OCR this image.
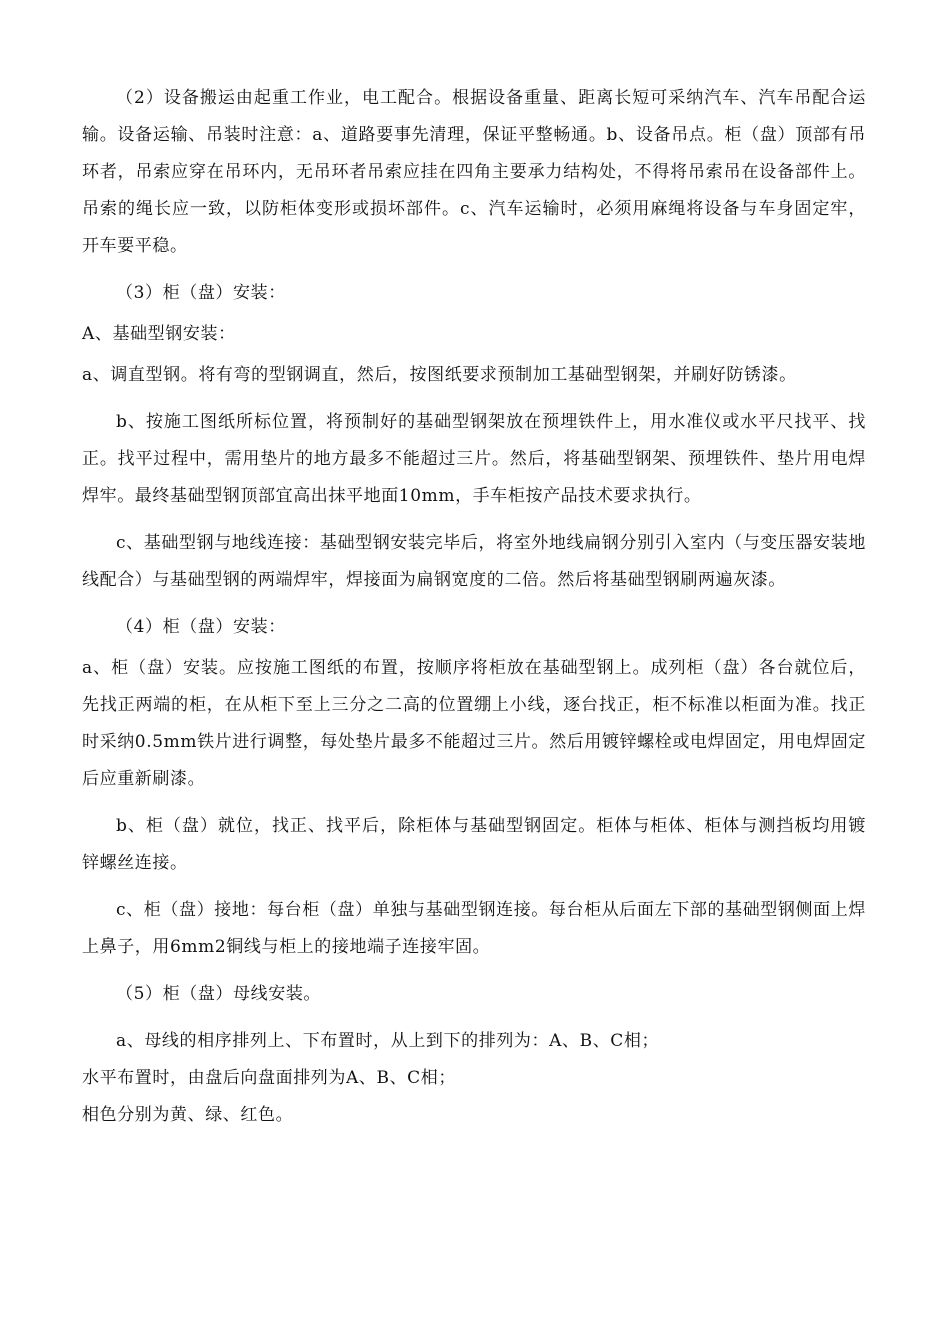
（2）设备搬运由起重工作业，电工配合。根据设备重量、距离长短可采纳汽车、汽车吊配合运输。设备运输、吊装时注意：a、道路要事先清理，保证平整畅通。b、设备吊点。柜（盘）顶部有吊环者，吊索应穿在吊环内，无吊环者吊索应挂在四角主要承力结构处，不得将吊索吊在设备部件上。吊索的绳长应一致，以防柜体变形或损坏部件。c、汽车运输时，必须用麻绳将设备与车身固定牢，开车要平稳。

（3）柜（盘）安装：

A、基础型钢安装：

a、调直型钢。将有弯的型钢调直，然后，按图纸要求预制加工基础型钢架，并刷好防锈漆。

b、按施工图纸所标位置，将预制好的基础型钢架放在预埋铁件上，用水准仪或水平尺找平、找正。找平过程中，需用垫片的地方最多不能超过三片。然后，将基础型钢架、预埋铁件、垫片用电焊焊牢。最终基础型钢顶部宜高出抹平地面10mm，手车柜按产品技术要求执行。

c、基础型钢与地线连接：基础型钢安装完毕后，将室外地线扁钢分别引入室内（与变压器安装地线配合）与基础型钢的两端焊牢，焊接面为扁钢宽度的二倍。然后将基础型钢刷两遍灰漆。

（4）柜（盘）安装：

a、柜（盘）安装。应按施工图纸的布置，按顺序将柜放在基础型钢上。成列柜（盘）各台就位后，先找正两端的柜，在从柜下至上三分之二高的位置绷上小线，逐台找正，柜不标准以柜面为准。找正时采纳0.5mm铁片进行调整，每处垫片最多不能超过三片。然后用镀锌螺栓或电焊固定，用电焊固定后应重新刷漆。

b、柜（盘）就位，找正、找平后，除柜体与基础型钢固定。柜体与柜体、柜体与测挡板均用镀锌螺丝连接。

c、柜（盘）接地：每台柜（盘）单独与基础型钢连接。每台柜从后面左下部的基础型钢侧面上焊上鼻子，用6mm2铜线与柜上的接地端子连接牢固。

（5）柜（盘）母线安装。

a、母线的相序排列上、下布置时，从上到下的排列为：A、B、C相；

水平布置时，由盘后向盘面排列为A、B、C相；

相色分别为黄、绿、红色。
